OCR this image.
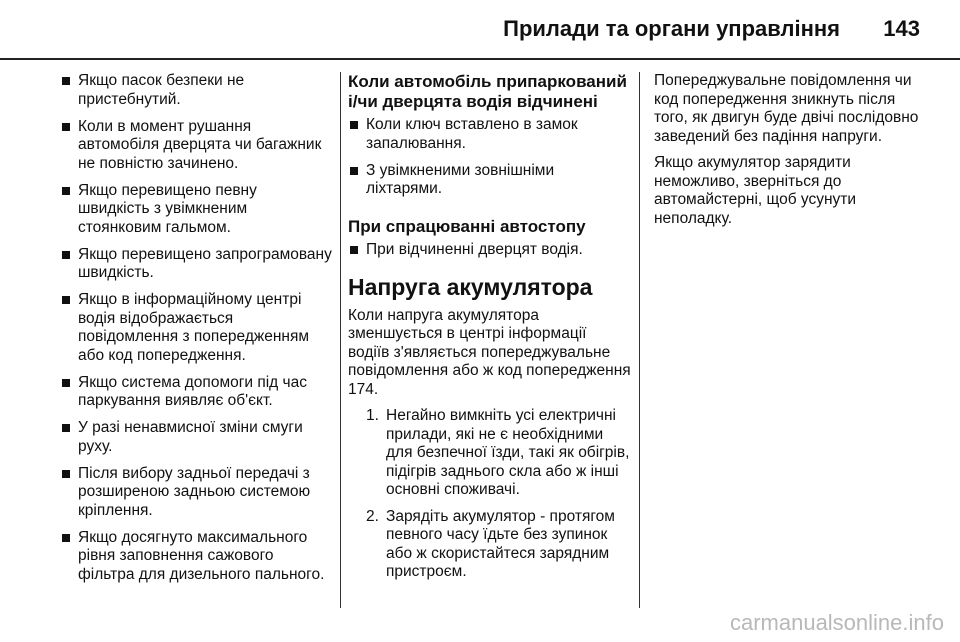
Прилади та органи управління 143
Якщо пасок безпеки не пристебнутий.
Коли в момент рушання автомобіля дверцята чи багажник не повністю зачинено.
Якщо перевищено певну швидкість з увімкненим стоянковим гальмом.
Якщо перевищено запрограмовану швидкість.
Якщо в інформаційному центрі водія відображається повідомлення з попередженням або код попередження.
Якщо система допомоги під час паркування виявляє об'єкт.
У разі ненавмисної зміни смуги руху.
Після вибору задньої передачі з розширеною задньою системою кріплення.
Якщо досягнуто максимального рівня заповнення сажового фільтра для дизельного пального.
Коли автомобіль припаркований і/чи дверцята водія відчинені
Коли ключ вставлено в замок запалювання.
З увімкненими зовнішніми ліхтарями.
При спрацюванні автостопу
При відчиненні дверцят водія.
Напруга акумулятора

Коли напруга акумулятора зменшується в центрі інформації водіїв з'являється попереджувальне повідомлення або ж код попередження 174.

1. Негайно вимкніть усі електричні прилади, які не є необхідними для безпечної їзди, такі як обігрів, підігрів заднього скла або ж інші основні споживачі.
2. Зарядіть акумулятор - протягом певного часу їдьте без зупинок або ж скористайтеся зарядним пристроєм.

Попереджувальне повідомлення чи код попередження зникнуть після того, як двигун буде двічі послідовно заведений без падіння напруги.

Якщо акумулятор зарядити неможливо, зверніться до автомайстерні, щоб усунути неполадку.

carmanualsonline.info
